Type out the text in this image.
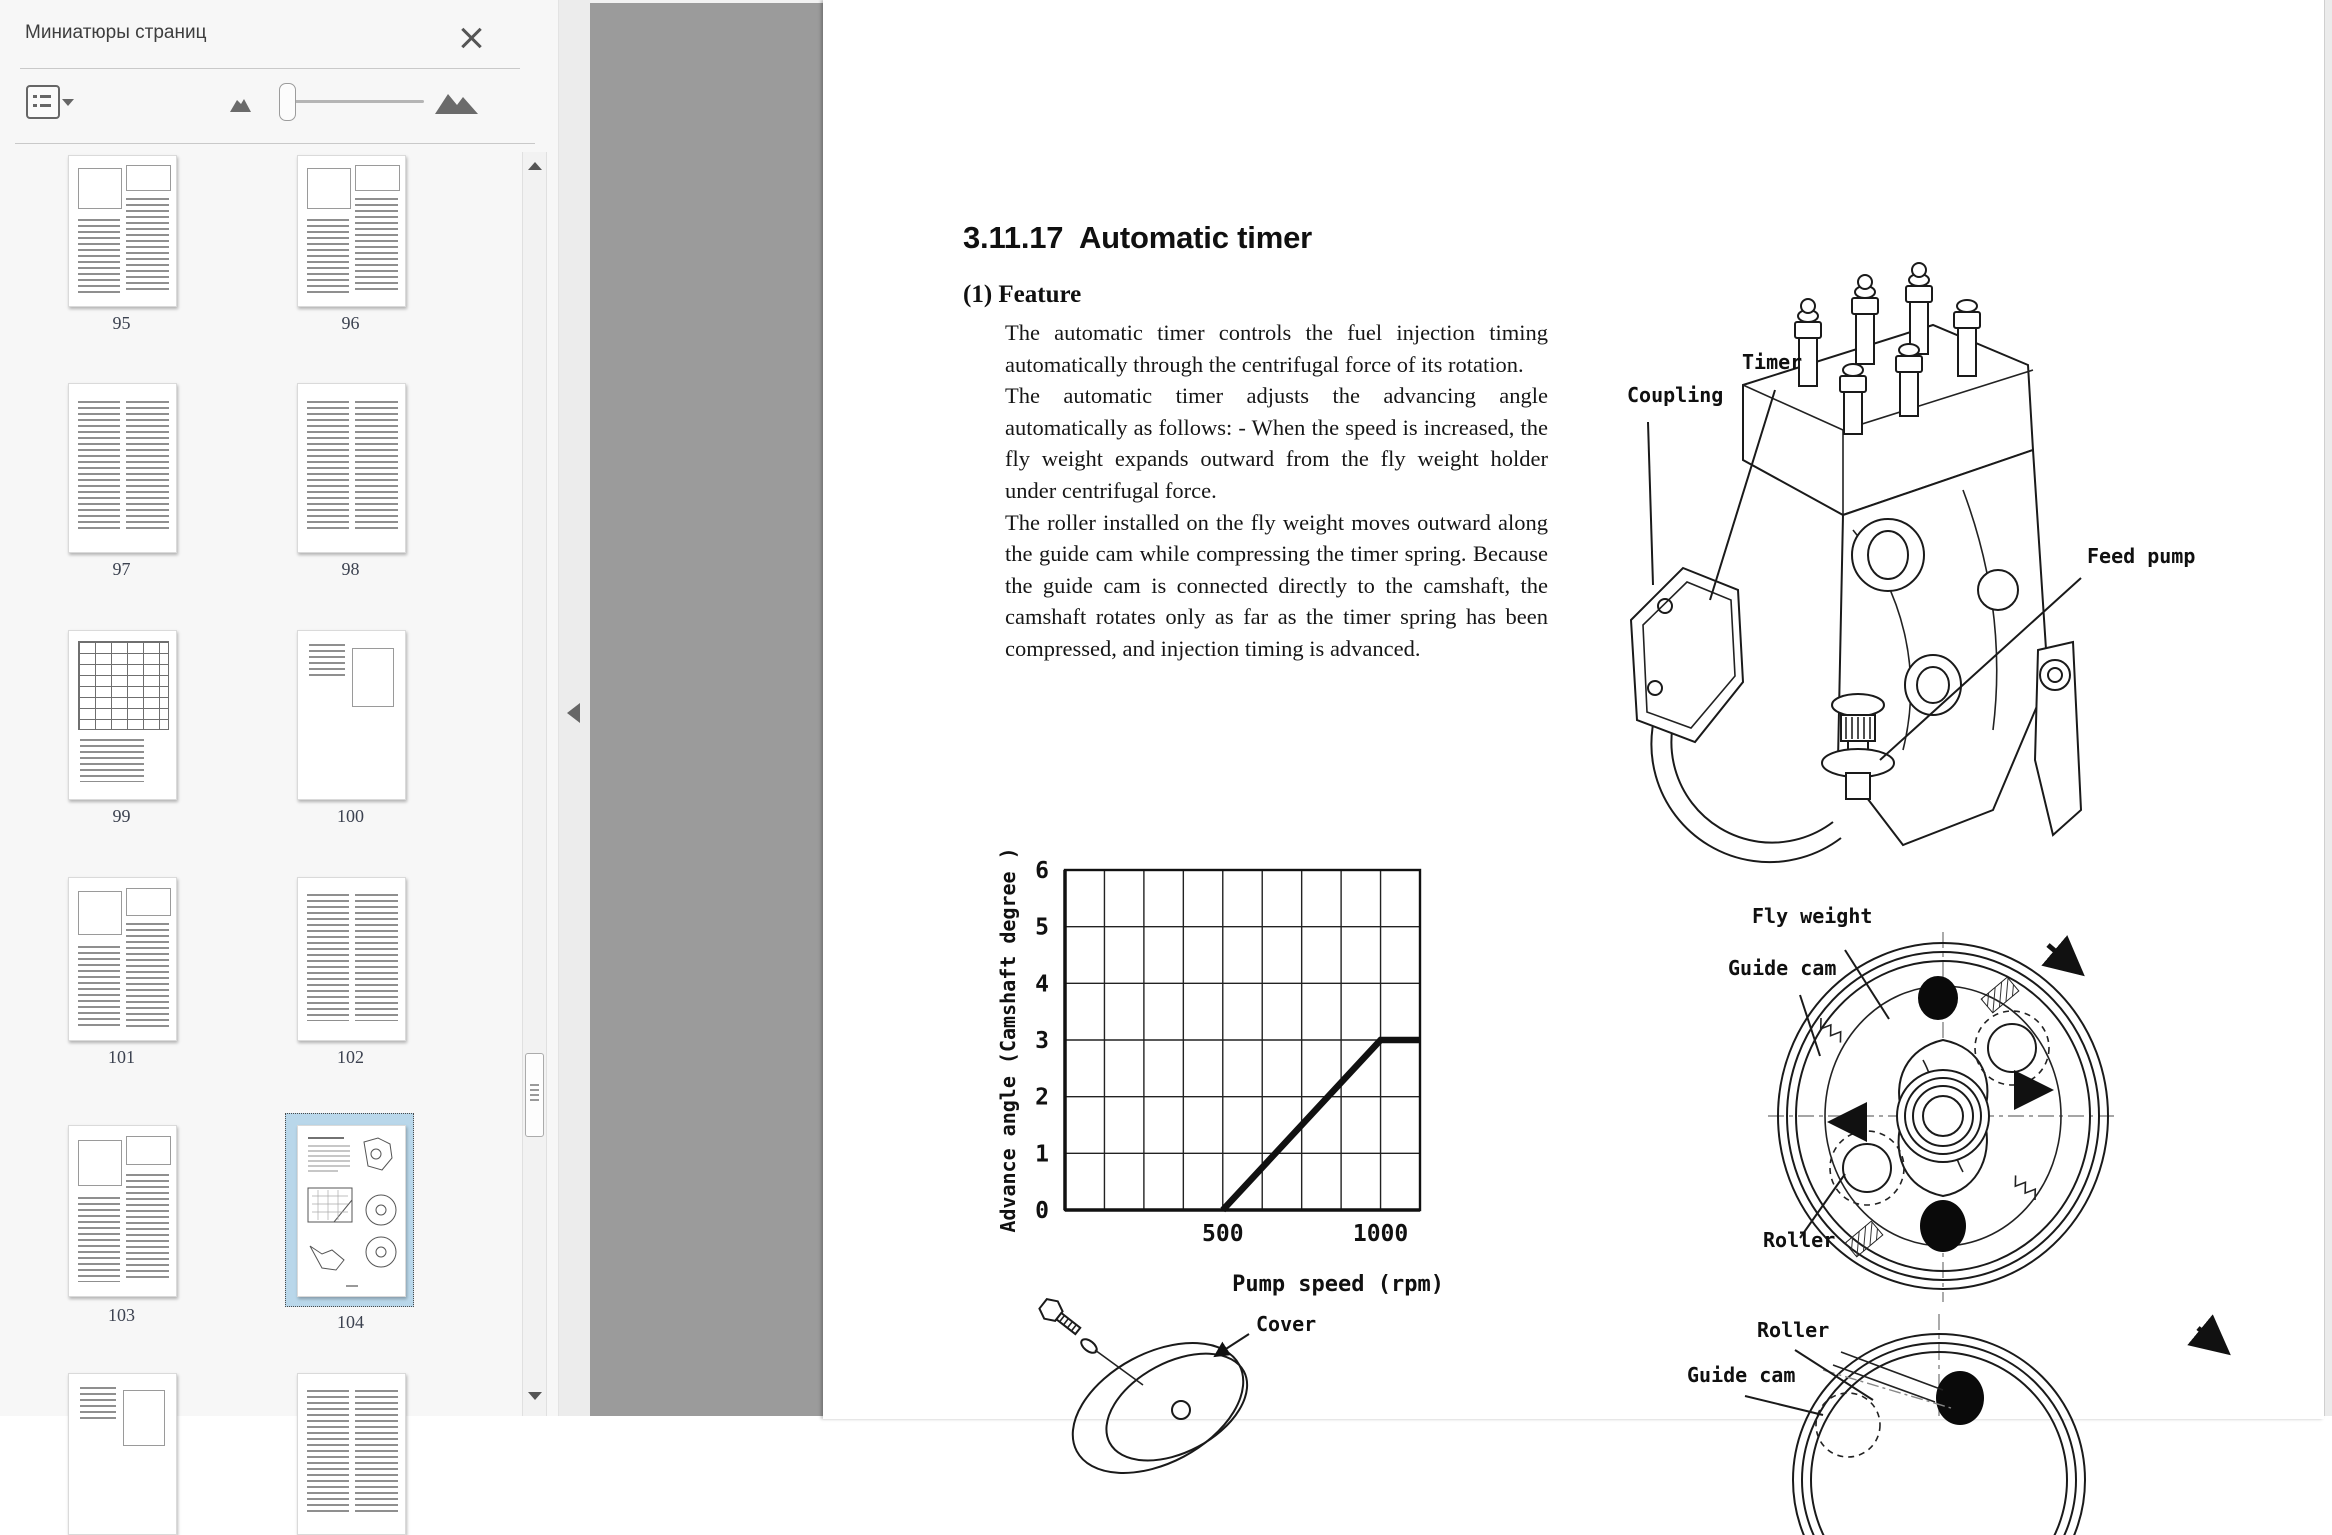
Миниатюры страниц
95	96
97	98
99	100
101	102
103	104
3.11.17  Automatic timer
(1) Feature

The automatic timer controls the fuel injection timing automatically through the centrifugal force of its rotation.

The automatic timer adjusts the advancing angle automatically as follows: - When the speed is increased, the fly weight expands outward from the fly weight holder under centrifugal force.

The roller installed on the fly weight moves outward along the guide cam while compressing the timer spring. Because the guide cam is connected directly to the camshaft, the camshaft rotates only as far as the timer spring has been compressed, and injection timing is advanced.

0
1
2
3
4
5
6
500	1000
Pump speed (rpm)
Advance angle (Camshaft degree )
Timer
Coupling
Feed pump
Fly weight
Guide cam
Roller
Roller
Guide cam
Cover
